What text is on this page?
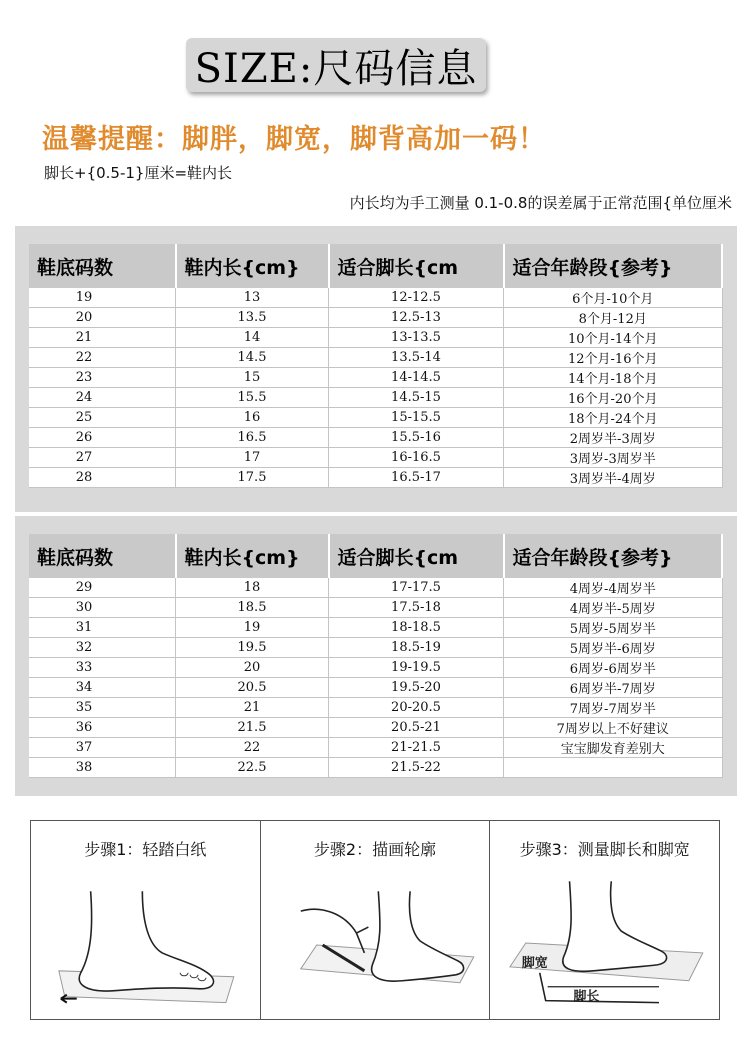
SIZE:尺码信息
温馨提醒：脚胖，脚宽，脚背高加一码！
脚长+{0.5-1}厘米=鞋内长
内长均为手工测量 0.1-0.8的误差属于正常范围{单位厘米
鞋底码数	鞋内长{cm}	适合脚长{cm	适合年龄段{参考}
19	13	12-12.5	6个月-10个月
20	13.5	12.5-13	8个月-12月
21	14	13-13.5	10个月-14个月
22	14.5	13.5-14	12个月-16个月
23	15	14-14.5	14个月-18个月
24	15.5	14.5-15	16个月-20个月
25	16	15-15.5	18个月-24个月
26	16.5	15.5-16	2周岁半-3周岁
27	17	16-16.5	3周岁-3周岁半
28	17.5	16.5-17	3周岁半-4周岁
鞋底码数	鞋内长{cm}	适合脚长{cm	适合年龄段{参考}
29	18	17-17.5	4周岁-4周岁半
30	18.5	17.5-18	4周岁半-5周岁
31	19	18-18.5	5周岁-5周岁半
32	19.5	18.5-19	5周岁半-6周岁
33	20	19-19.5	6周岁-6周岁半
34	20.5	19.5-20	6周岁半-7周岁
35	21	20-20.5	7周岁-7周岁半
36	21.5	20.5-21	7周岁以上不好建议
37	22	21-21.5	宝宝脚发育差别大
38	22.5	21.5-22	
步骤1：轻踏白纸	步骤2：描画轮廓	步骤3：测量脚长和脚宽
脚宽
脚长
